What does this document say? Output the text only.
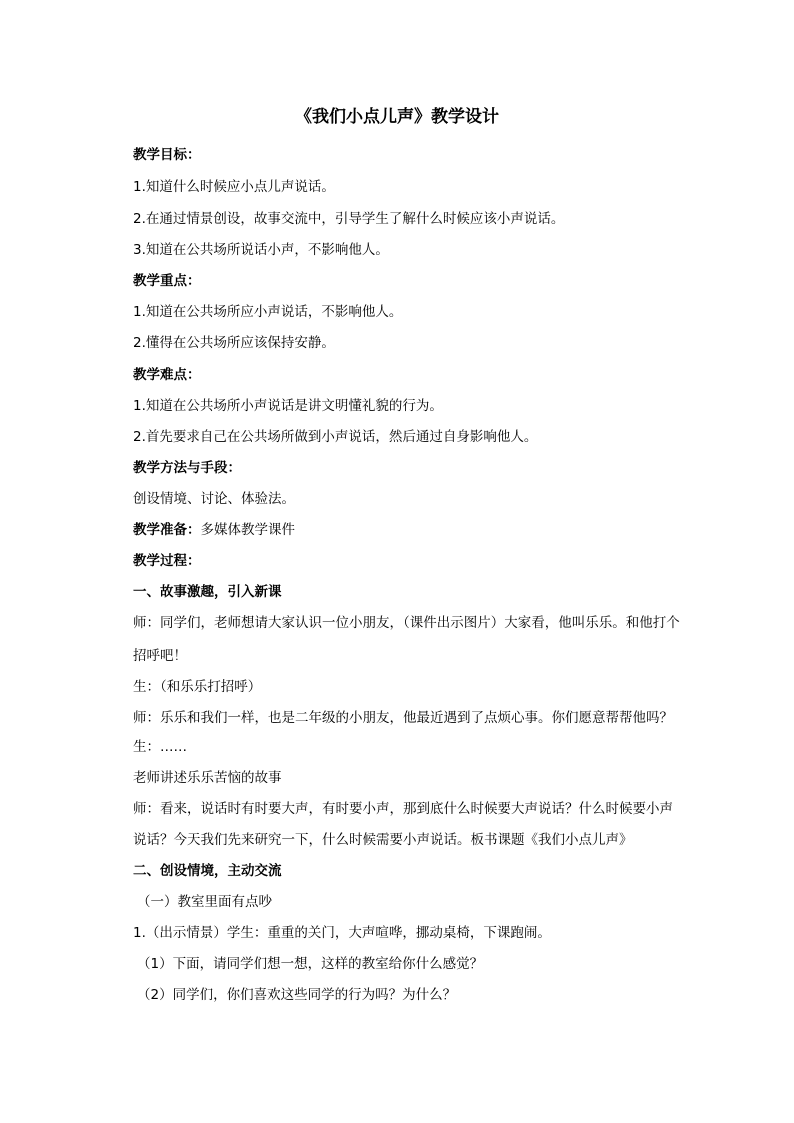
《我们小点儿声》教学设计
教学目标：
1.知道什么时候应小点儿声说话。
2.在通过情景创设，故事交流中，引导学生了解什么时候应该小声说话。
3.知道在公共场所说话小声，不影响他人。
教学重点：
1.知道在公共场所应小声说话，不影响他人。
2.懂得在公共场所应该保持安静。
教学难点：
1.知道在公共场所小声说话是讲文明懂礼貌的行为。
2.首先要求自己在公共场所做到小声说话，然后通过自身影响他人。
教学方法与手段：
创设情境、讨论、体验法。
教学准备：多媒体教学课件
教学过程：
一、故事激趣，引入新课
师：同学们，老师想请大家认识一位小朋友，（课件出示图片）大家看，他叫乐乐。和他打个
招呼吧！
生：（和乐乐打招呼）
师：乐乐和我们一样，也是二年级的小朋友，他最近遇到了点烦心事。你们愿意帮帮他吗？
生：……
老师讲述乐乐苦恼的故事
师：看来，说话时有时要大声，有时要小声，那到底什么时候要大声说话？什么时候要小声
说话？今天我们先来研究一下，什么时候需要小声说话。板书课题《我们小点儿声》
二、创设情境，主动交流
（一）教室里面有点吵
1.（出示情景）学生：重重的关门，大声喧哗，挪动桌椅，下课跑闹。
（1）下面，请同学们想一想，这样的教室给你什么感觉？
（2）同学们，你们喜欢这些同学的行为吗？为什么？
